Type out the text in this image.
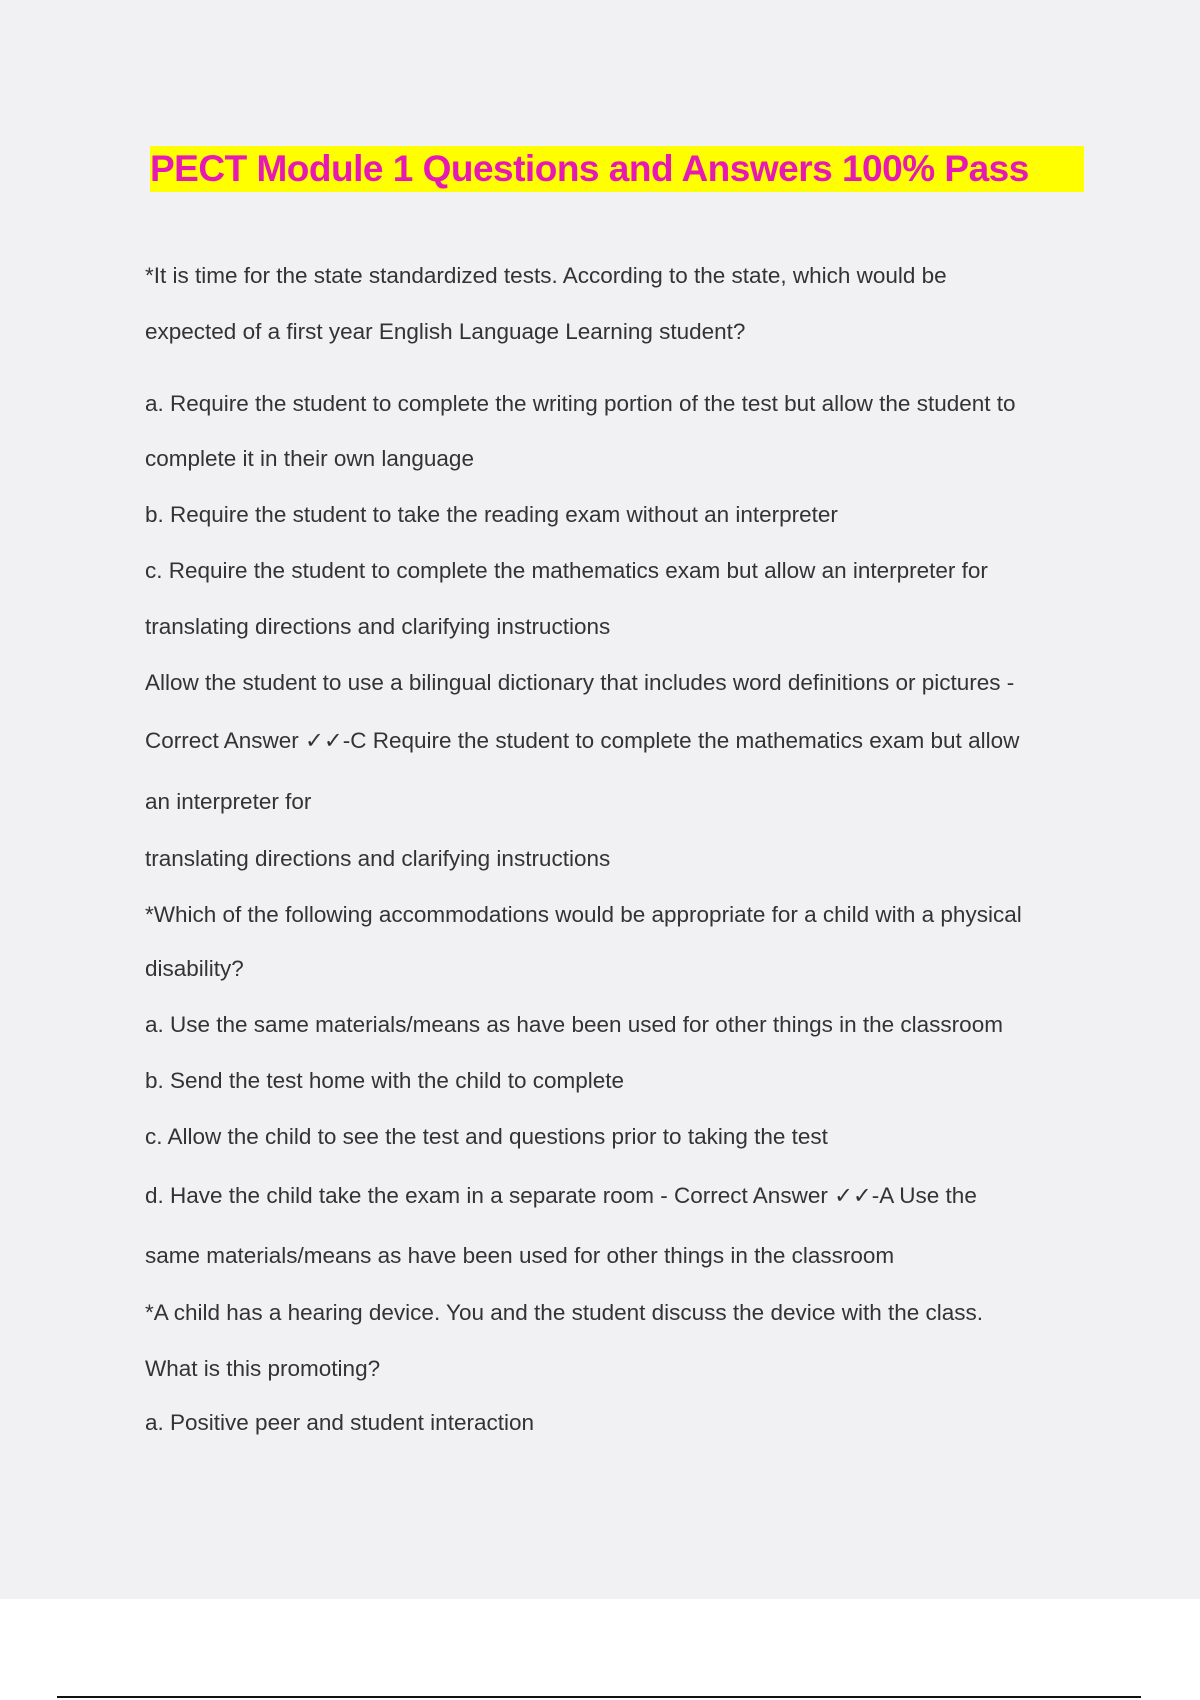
PECT Module 1 Questions and Answers 100% Pass
*It is time for the state standardized tests. According to the state, which would be
expected of a first year English Language Learning student?
a. Require the student to complete the writing portion of the test but allow the student to
complete it in their own language
b. Require the student to take the reading exam without an interpreter
c. Require the student to complete the mathematics exam but allow an interpreter for
translating directions and clarifying instructions
Allow the student to use a bilingual dictionary that includes word definitions or pictures -
Correct Answer ✓✓-C Require the student to complete the mathematics exam but allow
an interpreter for
translating directions and clarifying instructions
*Which of the following accommodations would be appropriate for a child with a physical
disability?
a. Use the same materials/means as have been used for other things in the classroom
b. Send the test home with the child to complete
c. Allow the child to see the test and questions prior to taking the test
d. Have the child take the exam in a separate room - Correct Answer ✓✓-A Use the
same materials/means as have been used for other things in the classroom
*A child has a hearing device. You and the student discuss the device with the class.
What is this promoting?
a. Positive peer and student interaction
